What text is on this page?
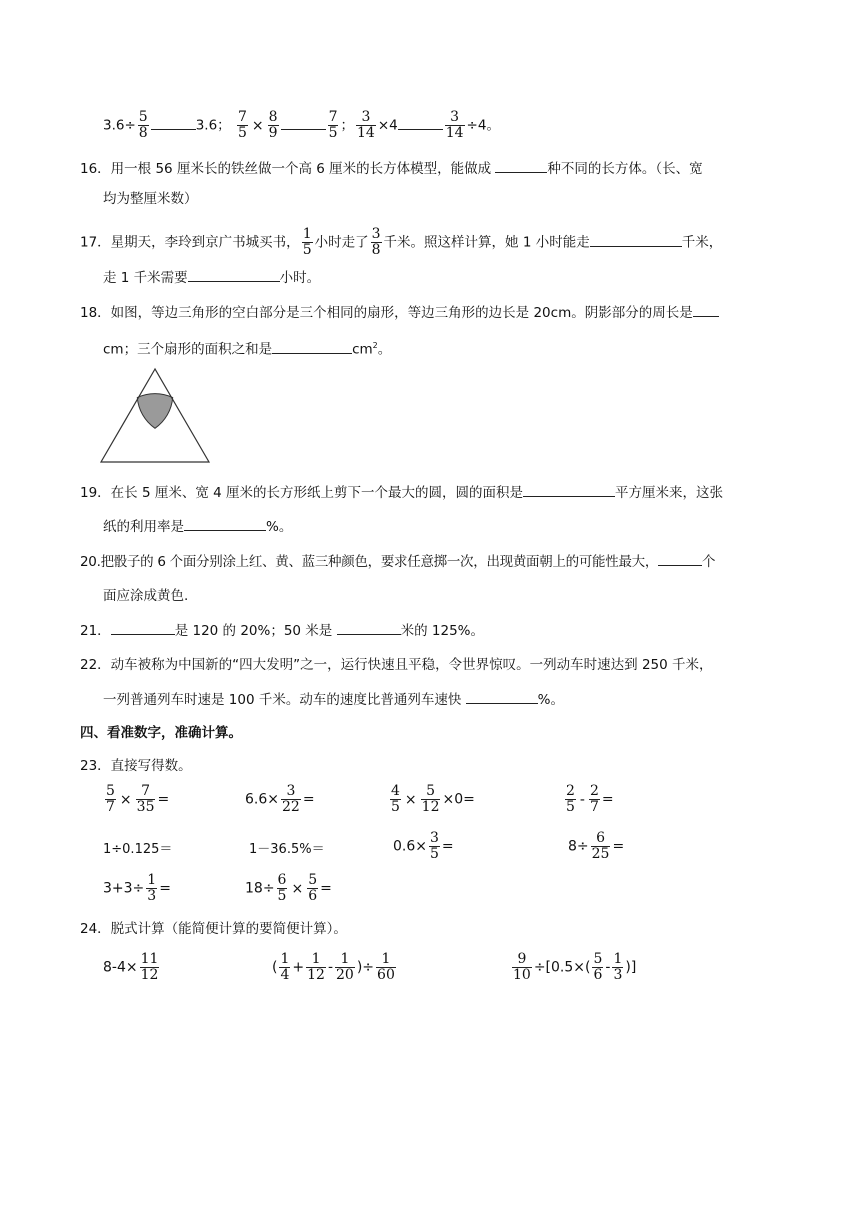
$3.6\div \frac{5}{8}$	3.6； $\frac{7}{5} \times \frac{8}{9}$	$\frac{7}{5}$ ； $\frac{3}{14} \times 4$	$\frac{3}{14} \div 4$。
16．用一根 56 厘米长的铁丝做一个高 6 厘米的长方体模型，能做成	种不同的长方体。（长、宽
均为整厘米数）
17．星期天，李玲到京广书城买书， $\frac{1}{5}$ 小时走了 $\frac{3}{8}$ 千米。照这样计算，她 1 小时能走	千米，
走 1 千米需要	小时。
18．如图，等边三角形的空白部分是三个相同的扇形，等边三角形的边长是 20cm。阴影部分的周长是
cm；三个扇形的面积之和是	$cm^2$。
19．在长 5 厘米、宽 4 厘米的长方形纸上剪下一个最大的圆，圆的面积是	平方厘米来，这张
纸的利用率是	%。
20.把骰子的 6 个面分别涂上红、黄、蓝三种颜色，要求任意掷一次，出现黄面朝上的可能性最大，	个
面应涂成黄色.
21．	是 120 的 20%；50 米是	米的 125%。
22．动车被称为中国新的“四大发明”之一，运行快速且平稳，令世界惊叹。一列动车时速达到 250 千米，
一列普通列车时速是 100 千米。动车的速度比普通列车速快	%。
四、看准数字，准确计算。
23．直接写得数。
$\frac{5}{7} \times \frac{7}{35}$ =	$6.6\times \frac{3}{22}$ =	$\frac{4}{5} \times \frac{5}{12} \times 0=$	$\frac{2}{5} - \frac{2}{7}$ =
1÷0.125＝	1－36.5%＝	$0.6\times \frac{3}{5}$ =	$8\div \frac{6}{25}$ =
$3+3\div \frac{1}{3}$ =	$18\div \frac{6}{5} \times \frac{5}{6}$ =
24．脱式计算（能简便计算的要简便计算）。
$8-4\times \frac{11}{12}$	( $\frac{1}{4} + \frac{1}{12} - \frac{1}{20}$ )÷ $\frac{1}{60}$	$\frac{9}{10} \div[0.5\times( \frac{5}{6} - \frac{1}{3}$ )]
